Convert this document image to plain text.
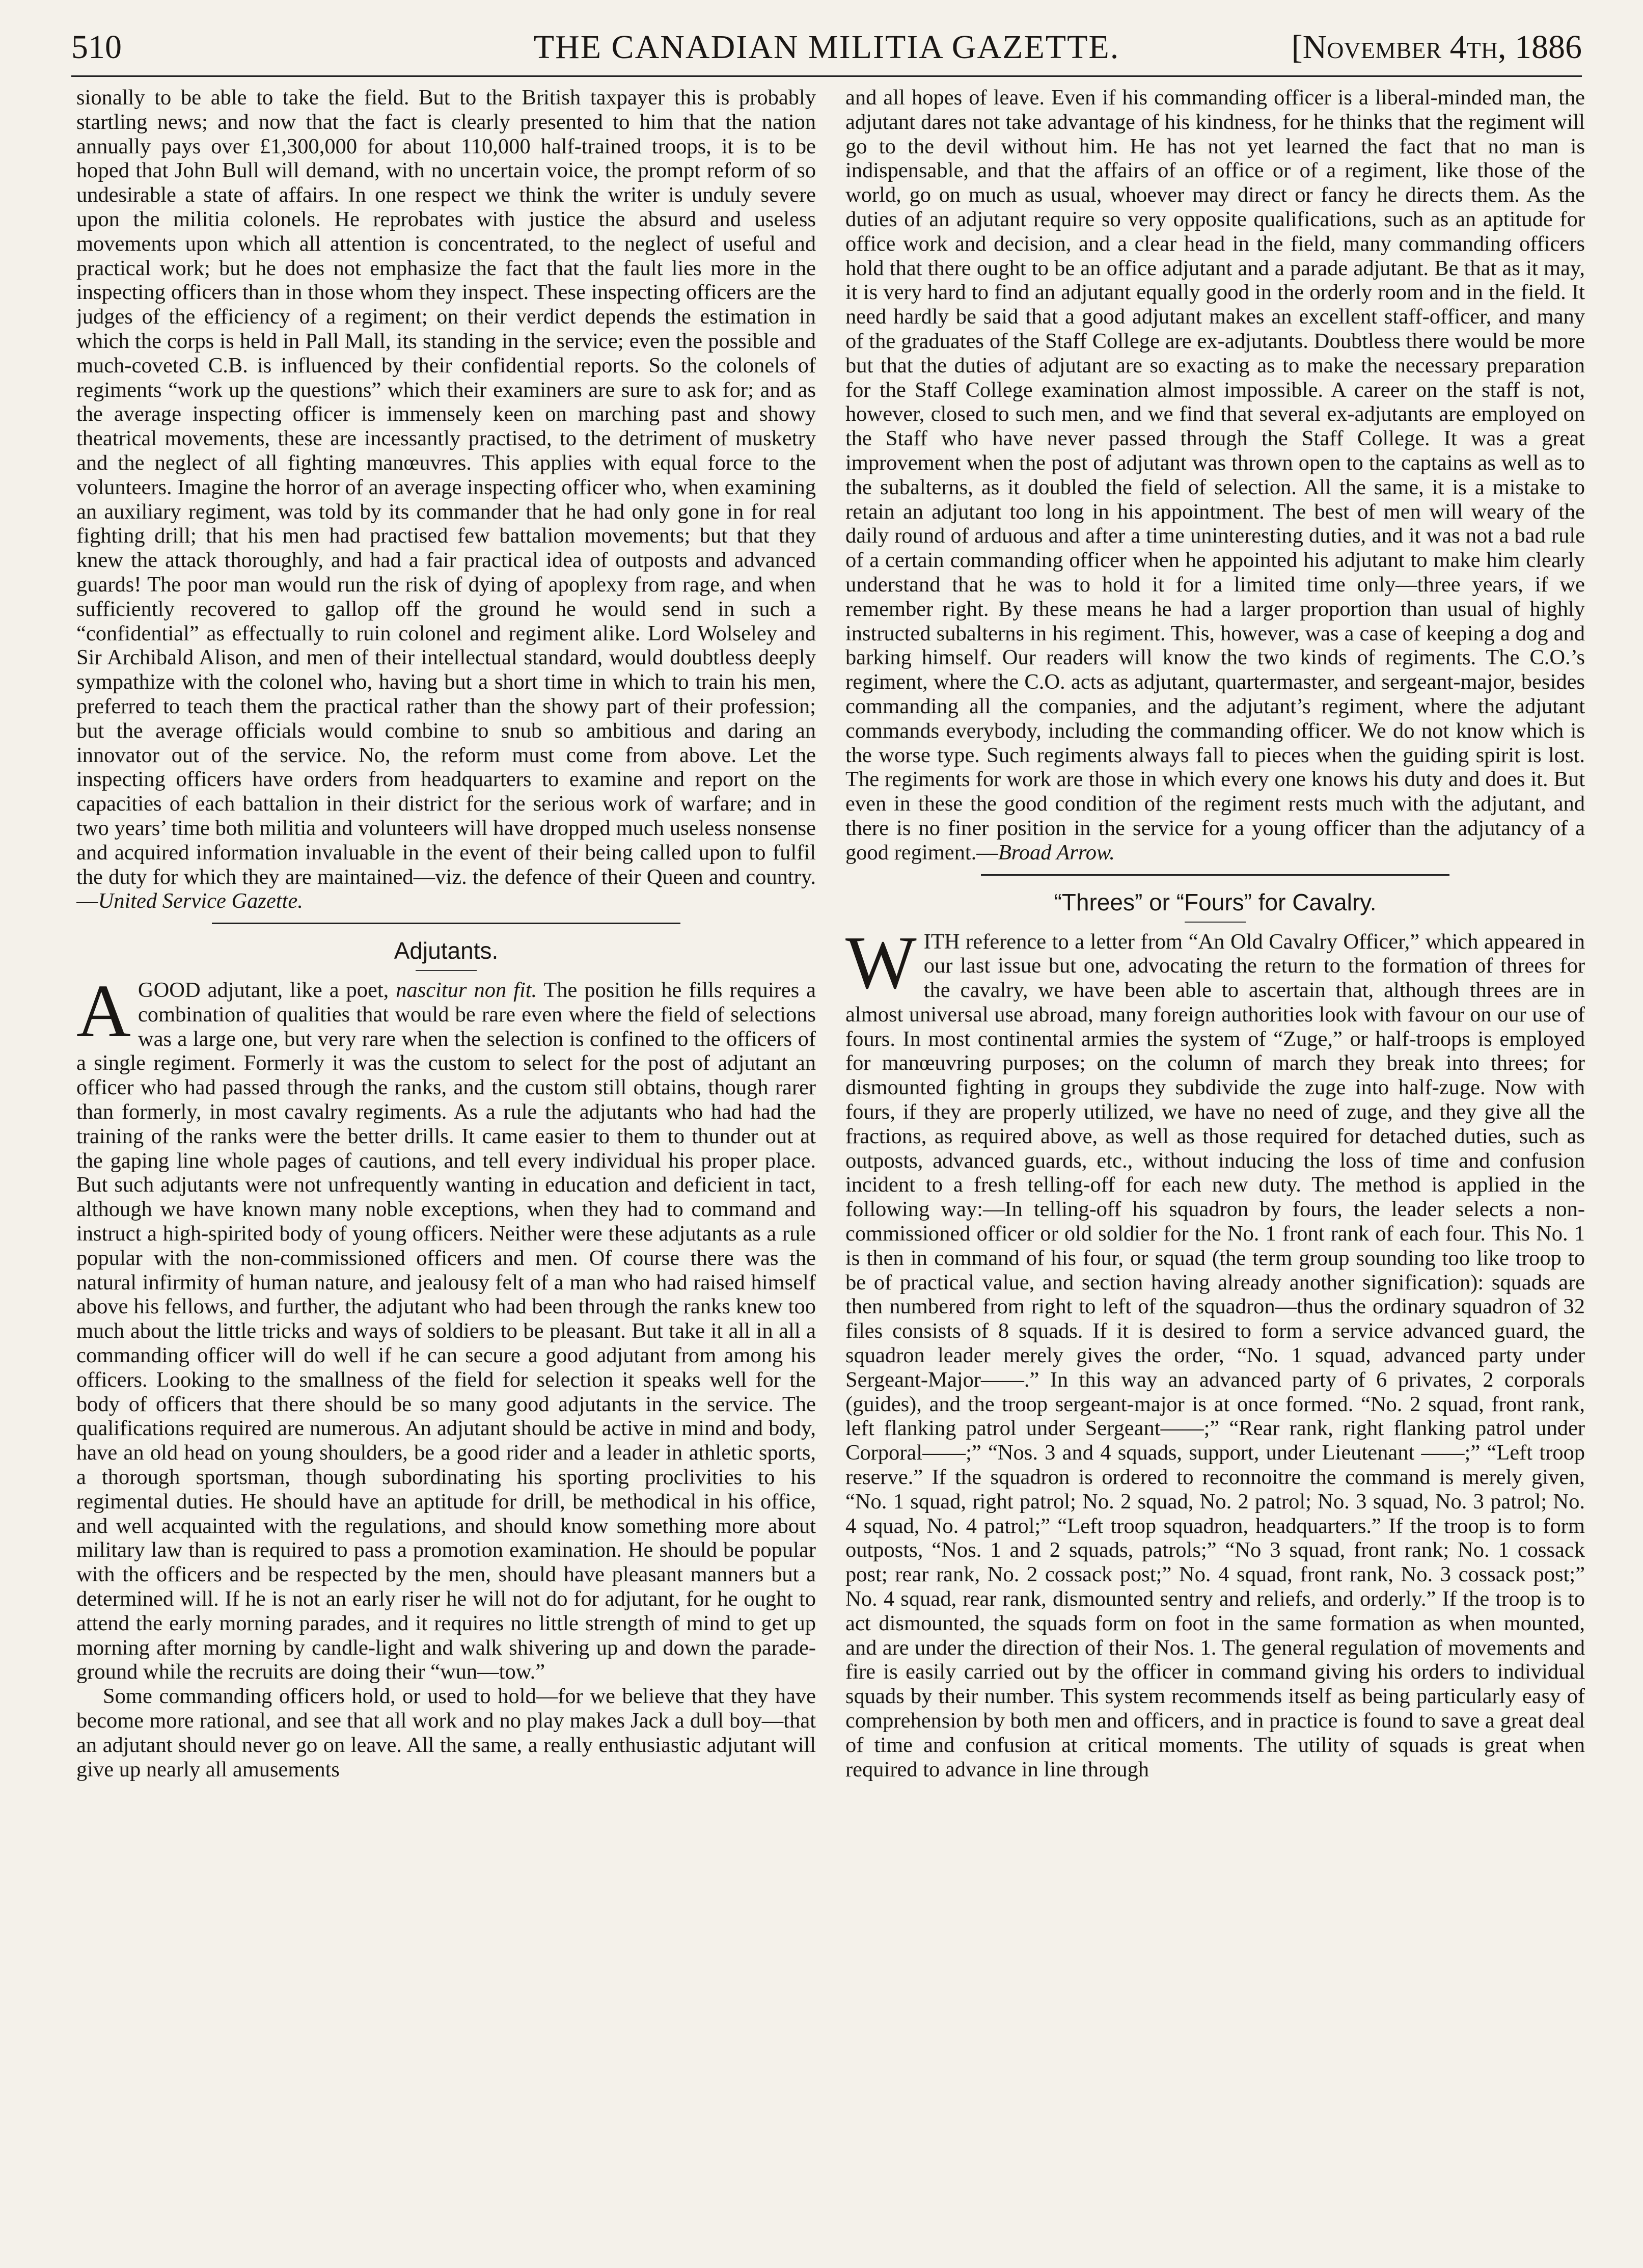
510	THE CANADIAN MILITIA GAZETTE.	[November 4th, 1886

sionally to be able to take the field. But to the British taxpayer this is probably startling news; and now that the fact is clearly presented to him that the nation annually pays over £1,300,000 for about 110,000 half-trained troops, it is to be hoped that John Bull will demand, with no uncertain voice, the prompt reform of so undesirable a state of affairs. In one respect we think the writer is unduly severe upon the militia colonels. He reprobates with justice the absurd and useless movements upon which all attention is concentrated, to the neglect of useful and practical work; but he does not emphasize the fact that the fault lies more in the inspecting officers than in those whom they inspect. These inspecting officers are the judges of the efficiency of a regiment; on their verdict depends the estimation in which the corps is held in Pall Mall, its standing in the service; even the possible and much-coveted C.B. is influenced by their confidential reports. So the colonels of regiments “work up the questions” which their examiners are sure to ask for; and as the average inspecting officer is immensely keen on marching past and showy theatrical movements, these are incessantly practised, to the detriment of musketry and the neglect of all fighting manœuvres. This applies with equal force to the volunteers. Imagine the horror of an average inspecting officer who, when examining an auxiliary regiment, was told by its commander that he had only gone in for real fighting drill; that his men had practised few battalion movements; but that they knew the attack thoroughly, and had a fair practical idea of outposts and advanced guards! The poor man would run the risk of dying of apoplexy from rage, and when sufficiently recovered to gallop off the ground he would send in such a “confidential” as effectually to ruin colonel and regiment alike. Lord Wolseley and Sir Archibald Alison, and men of their intellectual standard, would doubtless deeply sympathize with the colonel who, having but a short time in which to train his men, preferred to teach them the practical rather than the showy part of their profession; but the average officials would combine to snub so ambitious and daring an innovator out of the service. No, the reform must come from above. Let the inspecting officers have orders from headquarters to examine and report on the capacities of each battalion in their district for the serious work of warfare; and in two years’ time both militia and volunteers will have dropped much useless nonsense and acquired information invaluable in the event of their being called upon to fulfil the duty for which they are maintained—viz. the defence of their Queen and country.—United Service Gazette.

Adjutants.

AGOOD adjutant, like a poet, nascitur non fit. The position he fills requires a combination of qualities that would be rare even where the field of selections was a large one, but very rare when the selection is confined to the officers of a single regiment. Formerly it was the custom to select for the post of adjutant an officer who had passed through the ranks, and the custom still obtains, though rarer than formerly, in most cavalry regiments. As a rule the adjutants who had had the training of the ranks were the better drills. It came easier to them to thunder out at the gaping line whole pages of cautions, and tell every individual his proper place. But such adjutants were not unfrequently wanting in education and deficient in tact, although we have known many noble exceptions, when they had to command and instruct a high-spirited body of young officers. Neither were these adjutants as a rule popular with the non-commissioned officers and men. Of course there was the natural infirmity of human nature, and jealousy felt of a man who had raised himself above his fellows, and further, the adjutant who had been through the ranks knew too much about the little tricks and ways of soldiers to be pleasant. But take it all in all a commanding officer will do well if he can secure a good adjutant from among his officers. Looking to the smallness of the field for selection it speaks well for the body of officers that there should be so many good adjutants in the service. The qualifications required are numerous. An adjutant should be active in mind and body, have an old head on young shoulders, be a good rider and a leader in athletic sports, a thorough sportsman, though subordinating his sporting proclivities to his regimental duties. He should have an aptitude for drill, be methodical in his office, and well acquainted with the regulations, and should know something more about military law than is required to pass a promotion examination. He should be popular with the officers and be respected by the men, should have pleasant manners but a determined will. If he is not an early riser he will not do for adjutant, for he ought to attend the early morning parades, and it requires no little strength of mind to get up morning after morning by candle-light and walk shivering up and down the parade-ground while the recruits are doing their “wun—tow.”

Some commanding officers hold, or used to hold—for we believe that they have become more rational, and see that all work and no play makes Jack a dull boy—that an adjutant should never go on leave. All the same, a really enthusiastic adjutant will give up nearly all amusements

and all hopes of leave. Even if his commanding officer is a liberal-minded man, the adjutant dares not take advantage of his kindness, for he thinks that the regiment will go to the devil without him. He has not yet learned the fact that no man is indispensable, and that the affairs of an office or of a regiment, like those of the world, go on much as usual, whoever may direct or fancy he directs them. As the duties of an adjutant require so very opposite qualifications, such as an aptitude for office work and decision, and a clear head in the field, many commanding officers hold that there ought to be an office adjutant and a parade adjutant. Be that as it may, it is very hard to find an adjutant equally good in the orderly room and in the field. It need hardly be said that a good adjutant makes an excellent staff-officer, and many of the graduates of the Staff College are ex-adjutants. Doubtless there would be more but that the duties of adjutant are so exacting as to make the necessary preparation for the Staff College examination almost impossible. A career on the staff is not, however, closed to such men, and we find that several ex-adjutants are employed on the Staff who have never passed through the Staff College. It was a great improvement when the post of adjutant was thrown open to the captains as well as to the subalterns, as it doubled the field of selection. All the same, it is a mistake to retain an adjutant too long in his appointment. The best of men will weary of the daily round of arduous and after a time uninteresting duties, and it was not a bad rule of a certain commanding officer when he appointed his adjutant to make him clearly understand that he was to hold it for a limited time only—three years, if we remember right. By these means he had a larger proportion than usual of highly instructed subalterns in his regiment. This, however, was a case of keeping a dog and barking himself. Our readers will know the two kinds of regiments. The C.O.’s regiment, where the C.O. acts as adjutant, quartermaster, and sergeant-major, besides commanding all the companies, and the adjutant’s regiment, where the adjutant commands everybody, including the commanding officer. We do not know which is the worse type. Such regiments always fall to pieces when the guiding spirit is lost. The regiments for work are those in which every one knows his duty and does it. But even in these the good condition of the regiment rests much with the adjutant, and there is no finer position in the service for a young officer than the adjutancy of a good regiment.—Broad Arrow.

“Threes” or “Fours” for Cavalry.

WITH reference to a letter from “An Old Cavalry Officer,” which appeared in our last issue but one, advocating the return to the formation of threes for the cavalry, we have been able to ascertain that, although threes are in almost universal use abroad, many foreign authorities look with favour on our use of fours. In most continental armies the system of “Zuge,” or half-troops is employed for manœuvring purposes; on the column of march they break into threes; for dismounted fighting in groups they subdivide the zuge into half-zuge. Now with fours, if they are properly utilized, we have no need of zuge, and they give all the fractions, as required above, as well as those required for detached duties, such as outposts, advanced guards, etc., without inducing the loss of time and confusion incident to a fresh telling-off for each new duty. The method is applied in the following way:—In telling-off his squadron by fours, the leader selects a non-commissioned officer or old soldier for the No. 1 front rank of each four. This No. 1 is then in command of his four, or squad (the term group sounding too like troop to be of practical value, and section having already another signification): squads are then numbered from right to left of the squadron—thus the ordinary squadron of 32 files consists of 8 squads. If it is desired to form a service advanced guard, the squadron leader merely gives the order, “No. 1 squad, advanced party under Sergeant-Major——.” In this way an advanced party of 6 privates, 2 corporals (guides), and the troop sergeant-major is at once formed. “No. 2 squad, front rank, left flanking patrol under Sergeant——;” “Rear rank, right flanking patrol under Corporal——;” “Nos. 3 and 4 squads, support, under Lieutenant ——;” “Left troop reserve.” If the squadron is ordered to reconnoitre the command is merely given, “No. 1 squad, right patrol; No. 2 squad, No. 2 patrol; No. 3 squad, No. 3 patrol; No. 4 squad, No. 4 patrol;” “Left troop squadron, headquarters.” If the troop is to form outposts, “Nos. 1 and 2 squads, patrols;” “No 3 squad, front rank; No. 1 cossack post; rear rank, No. 2 cossack post;” No. 4 squad, front rank, No. 3 cossack post;” No. 4 squad, rear rank, dismounted sentry and reliefs, and orderly.” If the troop is to act dismounted, the squads form on foot in the same formation as when mounted, and are under the direction of their Nos. 1. The general regulation of movements and fire is easily carried out by the officer in command giving his orders to individual squads by their number. This system recommends itself as being particularly easy of comprehension by both men and officers, and in practice is found to save a great deal of time and confusion at critical moments. The utility of squads is great when required to advance in line through
